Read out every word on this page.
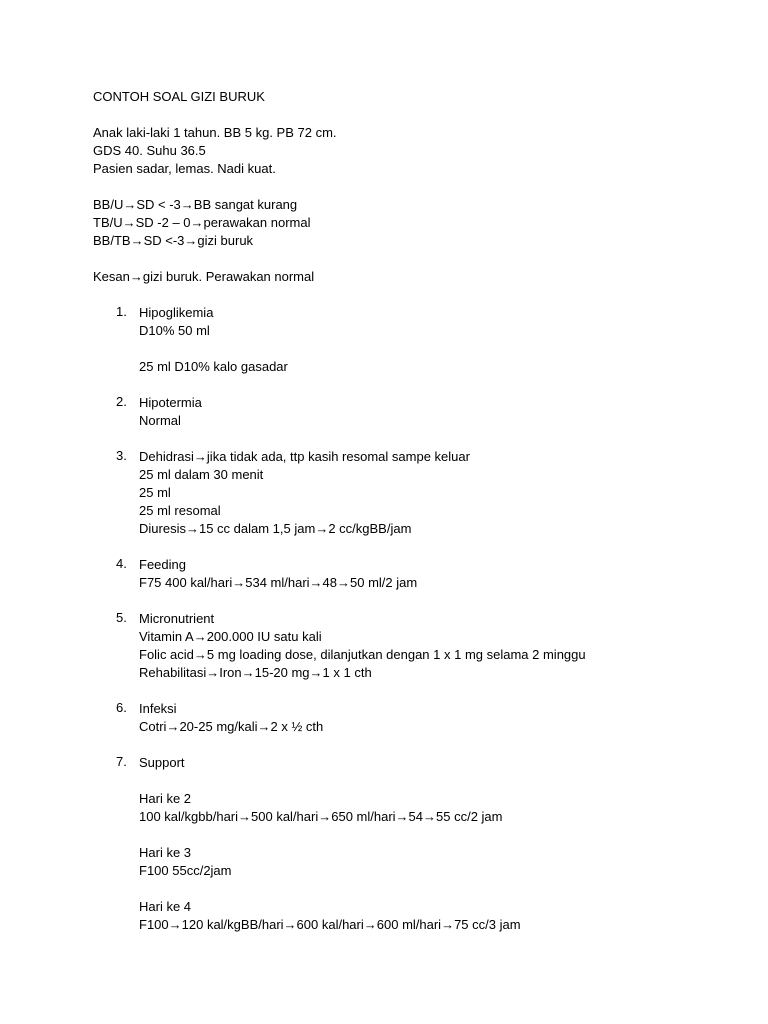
CONTOH SOAL GIZI BURUK
Anak laki-laki 1 tahun. BB 5 kg. PB 72 cm.
GDS 40. Suhu 36.5
Pasien sadar, lemas. Nadi kuat.
BB/U→SD < -3→BB sangat kurang
TB/U→SD -2 – 0→perawakan normal
BB/TB→SD <-3→gizi buruk
Kesan→gizi buruk. Perawakan normal
1. Hipoglikemia
D10% 50 ml
25 ml D10% kalo gasadar
2. Hipotermia
Normal
3. Dehidrasi→jika tidak ada, ttp kasih resomal sampe keluar
25 ml dalam 30 menit
25 ml
25 ml resomal
Diuresis→15 cc dalam 1,5 jam→2 cc/kgBB/jam
4. Feeding
F75 400 kal/hari→534 ml/hari→48→50 ml/2 jam
5. Micronutrient
Vitamin A→200.000 IU satu kali
Folic acid→5 mg loading dose, dilanjutkan dengan 1 x 1 mg selama 2 minggu
Rehabilitasi→Iron→15-20 mg→1 x 1 cth
6. Infeksi
Cotri→20-25 mg/kali→2 x ½ cth
7. Support
Hari ke 2
100 kal/kgbb/hari→500 kal/hari→650 ml/hari→54→55 cc/2 jam
Hari ke 3
F100 55cc/2jam
Hari ke 4
F100→120 kal/kgBB/hari→600 kal/hari→600 ml/hari→75 cc/3 jam
